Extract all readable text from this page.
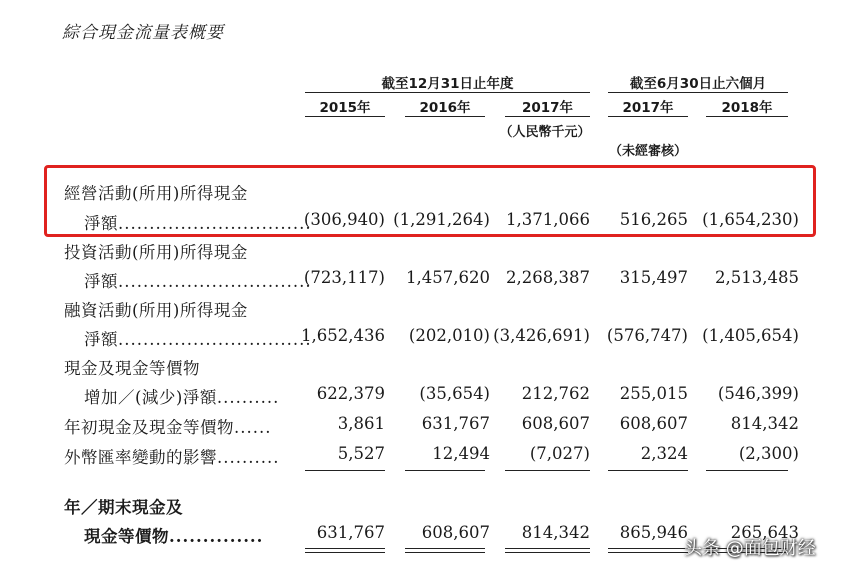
綜合現金流量表概要
截至12月31日止年度	截至6月30日止六個月
2015年	2016年	2017年	2017年	2018年
（人民幣千元）
（未經審核）
經營活動(所用)所得現金
淨額...............................
(306,940) (1,291,264) 1,371,066 516,265 (1,654,230)
投資活動(所用)所得現金
淨額...............................
(723,117) 1,457,620 2,268,387 315,497 2,513,485
融資活動(所用)所得現金
淨額...............................
1,652,436 (202,010) (3,426,691) (576,747) (1,405,654)
現金及現金等價物
增加／(減少)淨額.......... 622,379 (35,654) 212,762 255,015 (546,399)
年初現金及現金等價物......	3,861 631,767 608,607 608,607	814,342
外幣匯率變動的影響..........	5,527	12,494 (7,027)	2,324	(2,300)
年／期末現金及
現金等價物..............	631,767 608,607 814,342 865,946	265,643
头条 @面包财经
